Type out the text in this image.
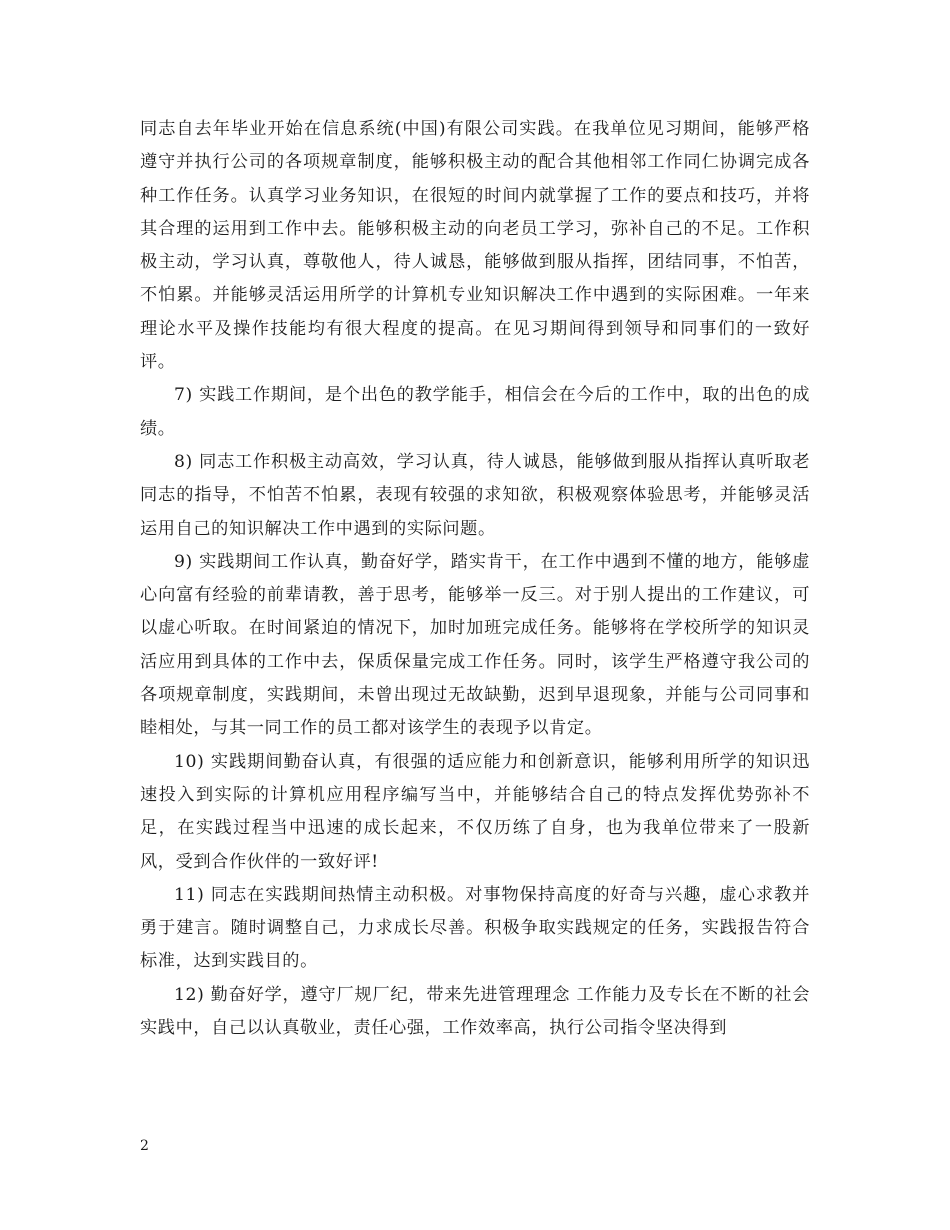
同志自去年毕业开始在信息系统(中国)有限公司实践。在我单位见习期间，能够严格遵守并执行公司的各项规章制度，能够积极主动的配合其他相邻工作同仁协调完成各种工作任务。认真学习业务知识，在很短的时间内就掌握了工作的要点和技巧，并将其合理的运用到工作中去。能够积极主动的向老员工学习，弥补自己的不足。工作积极主动，学习认真，尊敬他人，待人诚恳，能够做到服从指挥，团结同事，不怕苦，不怕累。并能够灵活运用所学的计算机专业知识解决工作中遇到的实际困难。一年来理论水平及操作技能均有很大程度的提高。在见习期间得到领导和同事们的一致好评。

7) 实践工作期间，是个出色的教学能手，相信会在今后的工作中，取的出色的成绩。

8) 同志工作积极主动高效，学习认真，待人诚恳，能够做到服从指挥认真听取老同志的指导，不怕苦不怕累，表现有较强的求知欲，积极观察体验思考，并能够灵活运用自己的知识解决工作中遇到的实际问题。

9) 实践期间工作认真，勤奋好学，踏实肯干，在工作中遇到不懂的地方，能够虚心向富有经验的前辈请教，善于思考，能够举一反三。对于别人提出的工作建议，可以虚心听取。在时间紧迫的情况下，加时加班完成任务。能够将在学校所学的知识灵活应用到具体的工作中去，保质保量完成工作任务。同时，该学生严格遵守我公司的各项规章制度，实践期间，未曾出现过无故缺勤，迟到早退现象，并能与公司同事和睦相处，与其一同工作的员工都对该学生的表现予以肯定。

10) 实践期间勤奋认真，有很强的适应能力和创新意识，能够利用所学的知识迅速投入到实际的计算机应用程序编写当中，并能够结合自己的特点发挥优势弥补不足，在实践过程当中迅速的成长起来，不仅历练了自身，也为我单位带来了一股新风，受到合作伙伴的一致好评!

11) 同志在实践期间热情主动积极。对事物保持高度的好奇与兴趣，虚心求教并勇于建言。随时调整自己，力求成长尽善。积极争取实践规定的任务，实践报告符合标准，达到实践目的。

12) 勤奋好学，遵守厂规厂纪，带来先进管理理念 工作能力及专长在不断的社会实践中，自己以认真敬业，责任心强，工作效率高，执行公司指令坚决得到

2
